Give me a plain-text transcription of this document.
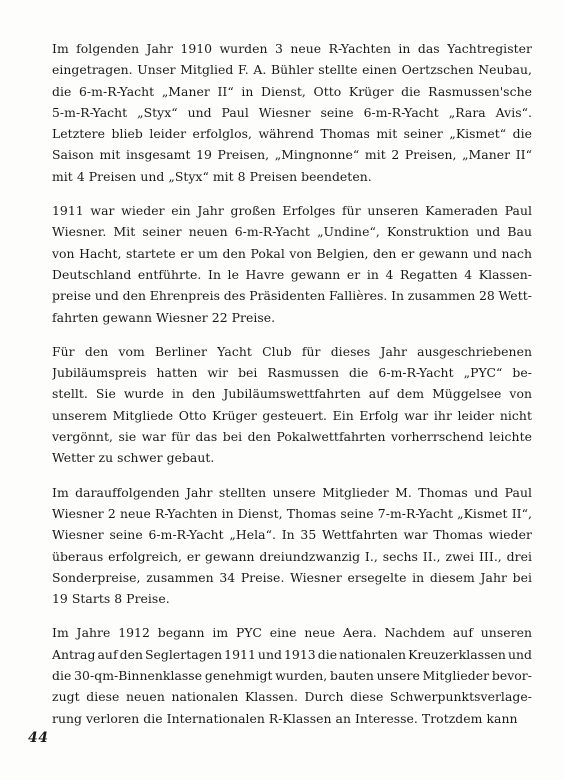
Im folgenden Jahr 1910 wurden 3 neue R-Yachten in das Yachtregister
eingetragen. Unser Mitglied F. A. Bühler stellte einen Oertzschen Neubau,
die 6-m-R-Yacht „Maner II“ in Dienst, Otto Krüger die Rasmussen'sche
5-m-R-Yacht „Styx“ und Paul Wiesner seine 6-m-R-Yacht „Rara Avis“.
Letztere blieb leider erfolglos, während Thomas mit seiner „Kismet“ die
Saison mit insgesamt 19 Preisen, „Mingnonne“ mit 2 Preisen, „Maner II“
mit 4 Preisen und „Styx“ mit 8 Preisen beendeten.

1911 war wieder ein Jahr großen Erfolges für unseren Kameraden Paul
Wiesner. Mit seiner neuen 6-m-R-Yacht „Undine“, Konstruktion und Bau
von Hacht, startete er um den Pokal von Belgien, den er gewann und nach
Deutschland entführte. In le Havre gewann er in 4 Regatten 4 Klassen-
preise und den Ehrenpreis des Präsidenten Fallières. In zusammen 28 Wett-
fahrten gewann Wiesner 22 Preise.

Für den vom Berliner Yacht Club für dieses Jahr ausgeschriebenen
Jubiläumspreis hatten wir bei Rasmussen die 6-m-R-Yacht „PYC“ be-
stellt. Sie wurde in den Jubiläumswettfahrten auf dem Müggelsee von
unserem Mitgliede Otto Krüger gesteuert. Ein Erfolg war ihr leider nicht
vergönnt, sie war für das bei den Pokalwettfahrten vorherrschend leichte
Wetter zu schwer gebaut.

Im darauffolgenden Jahr stellten unsere Mitglieder M. Thomas und Paul
Wiesner 2 neue R-Yachten in Dienst, Thomas seine 7-m-R-Yacht „Kismet II“,
Wiesner seine 6-m-R-Yacht „Hela“. In 35 Wettfahrten war Thomas wieder
überaus erfolgreich, er gewann dreiundzwanzig I., sechs II., zwei III., drei
Sonderpreise, zusammen 34 Preise. Wiesner ersegelte in diesem Jahr bei
19 Starts 8 Preise.

Im Jahre 1912 begann im PYC eine neue Aera. Nachdem auf unseren
Antrag auf den Seglertagen 1911 und 1913 die nationalen Kreuzerklassen und
die 30-qm-Binnenklasse genehmigt wurden, bauten unsere Mitglieder bevor-
zugt diese neuen nationalen Klassen. Durch diese Schwerpunktsverlage-
rung verloren die Internationalen R-Klassen an Interesse. Trotzdem kann

44
